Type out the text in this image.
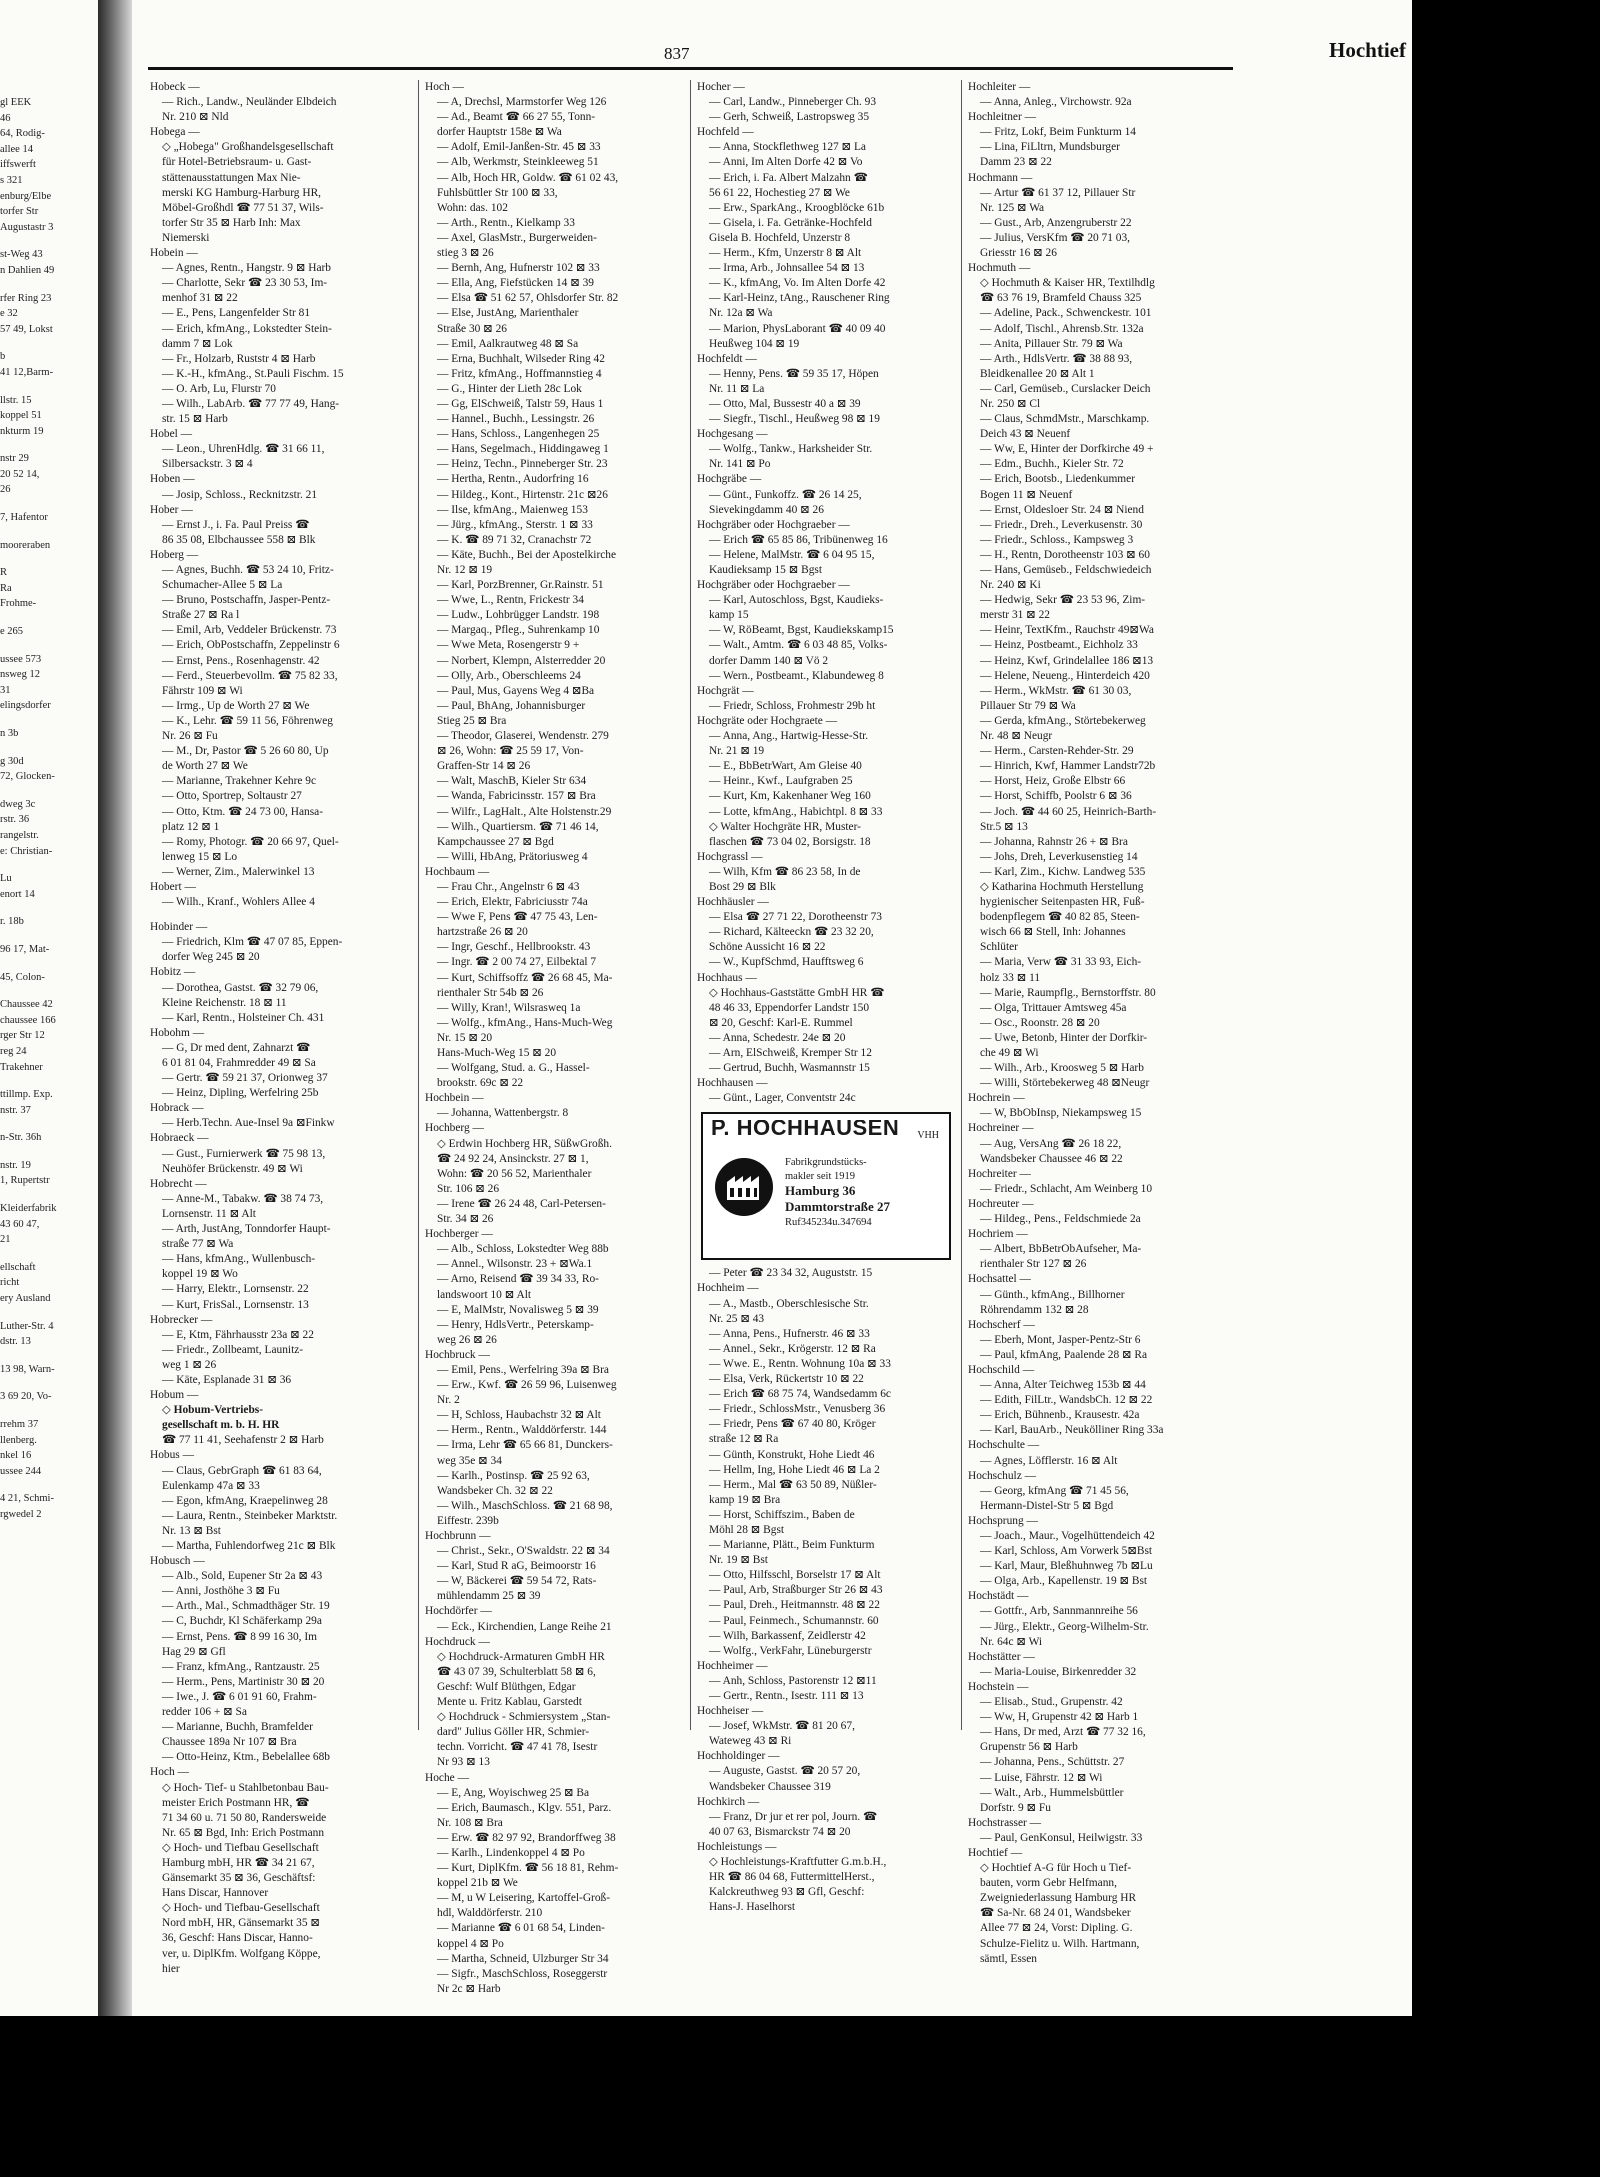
gl EEK
46
64, Rodig-
allee 14
iffswerft
s 321
enburg/Elbe
torfer Str
Augustastr 3
st-Weg 43
n Dahlien 49
rfer Ring 23
e 32
57 49, Lokst
b
41 12,Barm-
llstr. 15
koppel 51
nkturm 19
nstr 29
20 52 14,
26
7, Hafentor
mooreraben
R
Ra
Frohme-
e 265
ussee 573
nsweg 12
31
elingsdorfer
n 3b
g 30d
72, Glocken-
dweg 3c
rstr. 36
rangelstr.
e: Christian-
Lu
enort 14
r. 18b
96 17, Mat-
45, Colon-
Chaussee 42
chaussee 166
rger Str 12
reg 24
Trakehner
ttillmp. Exp.
nstr. 37
n-Str. 36h
nstr. 19
1, Rupertstr
Kleiderfabrik
43 60 47,
21
ellschaft
richt
ery Ausland
Luther-Str. 4
dstr. 13
13 98, Warn-
3 69 20, Vo-
rrehm 37
llenberg.
nkel 16
ussee 244
4 21, Schmi-
rgwedel 2
837	Hochtief
Hobeck —
— Rich., Landw., Neuländer Elbdeich
Nr. 210 ⊠ Nld
Hobega —
◇ „Hobega" Großhandelsgesellschaft
für Hotel-Betriebsraum- u. Gast-
stättenausstattungen Max Nie-
merski KG Hamburg-Harburg HR,
Möbel-Großhdl ☎ 77 51 37, Wils-
torfer Str 35 ⊠ Harb Inh: Max
Niemerski
Hobein —
— Agnes, Rentn., Hangstr. 9 ⊠ Harb
— Charlotte, Sekr ☎ 23 30 53, Im-
menhof 31 ⊠ 22
— E., Pens, Langenfelder Str 81
— Erich, kfmAng., Lokstedter Stein-
damm 7 ⊠ Lok
— Fr., Holzarb, Ruststr 4 ⊠ Harb
— K.-H., kfmAng., St.Pauli Fischm. 15
— O. Arb, Lu, Flurstr 70
— Wilh., LabArb. ☎ 77 77 49, Hang-
str. 15 ⊠ Harb
Hobel —
— Leon., UhrenHdlg. ☎ 31 66 11,
Silbersackstr. 3 ⊠ 4
Hoben —
— Josip, Schloss., Recknitzstr. 21
Hober —
— Ernst J., i. Fa. Paul Preiss ☎
86 35 08, Elbchaussee 558 ⊠ Blk
Hoberg —
— Agnes, Buchh. ☎ 53 24 10, Fritz-
Schumacher-Allee 5 ⊠ La
— Bruno, Postschaffn, Jasper-Pentz-
Straße 27 ⊠ Ra l
— Emil, Arb, Veddeler Brückenstr. 73
— Erich, ObPostschaffn, Zeppelinstr 6
— Ernst, Pens., Rosenhagenstr. 42
— Ferd., Steuerbevollm. ☎ 75 82 33,
Fährstr 109 ⊠ Wi
— Irmg., Up de Worth 27 ⊠ We
— K., Lehr. ☎ 59 11 56, Föhrenweg
Nr. 26 ⊠ Fu
— M., Dr, Pastor ☎ 5 26 60 80, Up
de Worth 27 ⊠ We
— Marianne, Trakehner Kehre 9c
— Otto, Sportrep, Soltaustr 27
— Otto, Ktm. ☎ 24 73 00, Hansa-
platz 12 ⊠ 1
— Romy, Photogr. ☎ 20 66 97, Quel-
lenweg 15 ⊠ Lo
— Werner, Zim., Malerwinkel 13
Hobert —
— Wilh., Kranf., Wohlers Allee 4
Hobinder —
— Friedrich, Klm ☎ 47 07 85, Eppen-
dorfer Weg 245 ⊠ 20
Hobitz —
— Dorothea, Gastst. ☎ 32 79 06,
Kleine Reichenstr. 18 ⊠ 11
— Karl, Rentn., Holsteiner Ch. 431
Hobohm —
— G, Dr med dent, Zahnarzt ☎
6 01 81 04, Frahmredder 49 ⊠ Sa
— Gertr. ☎ 59 21 37, Orionweg 37
— Heinz, Dipling, Werfelring 25b
Hobrack —
— Herb.Techn. Aue-Insel 9a ⊠Finkw
Hobraeck —
— Gust., Furnierwerk ☎ 75 98 13,
Neuhöfer Brückenstr. 49 ⊠ Wi
Hobrecht —
— Anne-M., Tabakw. ☎ 38 74 73,
Lornsenstr. 11 ⊠ Alt
— Arth, JustAng, Tonndorfer Haupt-
straße 77 ⊠ Wa
— Hans, kfmAng., Wullenbusch-
koppel 19 ⊠ Wo
— Harry, Elektr., Lornsenstr. 22
— Kurt, FrisSal., Lornsenstr. 13
Hobrecker —
— E, Ktm, Fährhausstr 23a ⊠ 22
— Friedr., Zollbeamt, Launitz-
weg 1 ⊠ 26
— Käte, Esplanade 31 ⊠ 36
Hobum —
◇ Hobum-Vertriebs-
gesellschaft m. b. H. HR
☎ 77 11 41, Seehafenstr 2 ⊠ Harb
Hobus —
— Claus, GebrGraph ☎ 61 83 64,
Eulenkamp 47a ⊠ 33
— Egon, kfmAng, Kraepelinweg 28
— Laura, Rentn., Steinbeker Marktstr.
Nr. 13 ⊠ Bst
— Martha, Fuhlendorfweg 21c ⊠ Blk
Hobusch —
— Alb., Sold, Eupener Str 2a ⊠ 43
— Anni, Josthöhe 3 ⊠ Fu
— Arth., Mal., Schmadthäger Str. 19
— C, Buchdr, Kl Schäferkamp 29a
— Ernst, Pens. ☎ 8 99 16 30, Im
Hag 29 ⊠ Gfl
— Franz, kfmAng., Rantzaustr. 25
— Herm., Pens, Martinistr 30 ⊠ 20
— Iwe., J. ☎ 6 01 91 60, Frahm-
redder 106 + ⊠ Sa
— Marianne, Buchh, Bramfelder
Chaussee 189a Nr 107 ⊠ Bra
— Otto-Heinz, Ktm., Bebelallee 68b
Hoch —
◇ Hoch- Tief- u Stahlbetonbau Bau-
meister Erich Postmann HR, ☎
71 34 60 u. 71 50 80, Randersweide
Nr. 65 ⊠ Bgd, Inh: Erich Postmann
◇ Hoch- und Tiefbau Gesellschaft
Hamburg mbH, HR ☎ 34 21 67,
Gänsemarkt 35 ⊠ 36, Geschäftsf:
Hans Discar, Hannover
◇ Hoch- und Tiefbau-Gesellschaft
Nord mbH, HR, Gänsemarkt 35 ⊠
36, Geschf: Hans Discar, Hanno-
ver, u. DiplKfm. Wolfgang Köppe,
hier
Hoch —
— A, Drechsl, Marmstorfer Weg 126
— Ad., Beamt ☎ 66 27 55, Tonn-
dorfer Hauptstr 158e ⊠ Wa
— Adolf, Emil-Janßen-Str. 45 ⊠ 33
— Alb, Werkmstr, Steinkleeweg 51
— Alb, Hoch HR, Goldw. ☎ 61 02 43,
Fuhlsbüttler Str 100 ⊠ 33,
Wohn: das. 102
— Arth., Rentn., Kielkamp 33
— Axel, GlasMstr., Burgerweiden-
stieg 3 ⊠ 26
— Bernh, Ang, Hufnerstr 102 ⊠ 33
— Ella, Ang, Fiefstücken 14 ⊠ 39
— Elsa ☎ 51 62 57, Ohlsdorfer Str. 82
— Else, JustAng, Marienthaler
Straße 30 ⊠ 26
— Emil, Aalkrautweg 48 ⊠ Sa
— Erna, Buchhalt, Wilseder Ring 42
— Fritz, kfmAng., Hoffmannstieg 4
— G., Hinter der Lieth 28c Lok
— Gg, ElSchweiß, Talstr 59, Haus 1
— Hannel., Buchh., Lessingstr. 26
— Hans, Schloss., Langenhegen 25
— Hans, Segelmach., Hiddingaweg 1
— Heinz, Techn., Pinneberger Str. 23
— Hertha, Rentn., Audorfring 16
— Hildeg., Kont., Hirtenstr. 21c ⊠26
— Ilse, kfmAng., Maienweg 153
— Jürg., kfmAng., Sterstr. 1 ⊠ 33
— K. ☎ 89 71 32, Cranachstr 72
— Käte, Buchh., Bei der Apostelkirche
Nr. 12 ⊠ 19
— Karl, PorzBrenner, Gr.Rainstr. 51
— Wwe, L., Rentn, Frickestr 34
— Ludw., Lohbrügger Landstr. 198
— Margaq., Pfleg., Suhrenkamp 10
— Wwe Meta, Rosengerstr 9 +
— Norbert, Klempn, Alsterredder 20
— Olly, Arb., Oberschleems 24
— Paul, Mus, Gayens Weg 4 ⊠Ba
— Paul, BhAng, Johannisburger
Stieg 25 ⊠ Bra
— Theodor, Glaserei, Wendenstr. 279
⊠ 26, Wohn: ☎ 25 59 17, Von-
Graffen-Str 14 ⊠ 26
— Walt, MaschB, Kieler Str 634
— Wanda, Fabricinsstr. 157 ⊠ Bra
— Wilfr., LagHalt., Alte Holstenstr.29
— Wilh., Quartiersm. ☎ 71 46 14,
Kampchaussee 27 ⊠ Bgd
— Willi, HbAng, Prätoriusweg 4
Hochbaum —
— Frau Chr., Angelnstr 6 ⊠ 43
— Erich, Elektr, Fabriciusstr 74a
— Wwe F, Pens ☎ 47 75 43, Len-
hartzstraße 26 ⊠ 20
— Ingr, Geschf., Hellbrookstr. 43
— Ingr. ☎ 2 00 74 27, Eilbektal 7
— Kurt, Schiffsoffz ☎ 26 68 45, Ma-
rienthaler Str 54b ⊠ 26
— Willy, Kran!, Wilsrasweq 1a
— Wolfg., kfmAng., Hans-Much-Weg
Nr. 15 ⊠ 20
Hans-Much-Weg 15 ⊠ 20
— Wolfgang, Stud. a. G., Hassel-
brookstr. 69c ⊠ 22
Hochbein —
— Johanna, Wattenbergstr. 8
Hochberg —
◇ Erdwin Hochberg HR, SüßwGroßh.
☎ 24 92 24, Ansinckstr. 27 ⊠ 1,
Wohn: ☎ 20 56 52, Marienthaler
Str. 106 ⊠ 26
— Irene ☎ 26 24 48, Carl-Petersen-
Str. 34 ⊠ 26
Hochberger —
— Alb., Schloss, Lokstedter Weg 88b
— Annel., Wilsonstr. 23 + ⊠Wa.1
— Arno, Reisend ☎ 39 34 33, Ro-
landswoort 10 ⊠ Alt
— E, MalMstr, Novalisweg 5 ⊠ 39
— Henry, HdlsVertr., Peterskamp-
weg 26 ⊠ 26
Hochbruck —
— Emil, Pens., Werfelring 39a ⊠ Bra
— Erw., Kwf. ☎ 26 59 96, Luisenweg
Nr. 2
— H, Schloss, Haubachstr 32 ⊠ Alt
— Herm., Rentn., Walddörferstr. 144
— Irma, Lehr ☎ 65 66 81, Dunckers-
weg 35e ⊠ 34
— Karlh., Postinsp. ☎ 25 92 63,
Wandsbeker Ch. 32 ⊠ 22
— Wilh., MaschSchloss. ☎ 21 68 98,
Eiffestr. 239b
Hochbrunn —
— Christ., Sekr., O'Swaldstr. 22 ⊠ 34
— Karl, Stud R aG, Beimoorstr 16
— W, Bäckerei ☎ 59 54 72, Rats-
mühlendamm 25 ⊠ 39
Hochdörfer —
— Eck., Kirchendien, Lange Reihe 21
Hochdruck —
◇ Hochdruck-Armaturen GmbH HR
☎ 43 07 39, Schulterblatt 58 ⊠ 6,
Geschf: Wulf Blüthgen, Edgar
Mente u. Fritz Kablau, Garstedt
◇ Hochdruck - Schmiersystem „Stan-
dard" Julius Göller HR, Schmier-
techn. Vorricht. ☎ 47 41 78, Isestr
Nr 93 ⊠ 13
Hoche —
— E, Ang, Woyischweg 25 ⊠ Ba
— Erich, Baumasch., Klgv. 551, Parz.
Nr. 108 ⊠ Bra
— Erw. ☎ 82 97 92, Brandorffweg 38
— Karlh., Lindenkoppel 4 ⊠ Po
— Kurt, DiplKfm. ☎ 56 18 81, Rehm-
koppel 21b ⊠ We
— M, u W Leisering, Kartoffel-Groß-
hdl, Walddörferstr. 210
— Marianne ☎ 6 01 68 54, Linden-
koppel 4 ⊠ Po
— Martha, Schneid, Ulzburger Str 34
— Sigfr., MaschSchloss, Roseggerstr
Nr 2c ⊠ Harb
Hocher —
— Carl, Landw., Pinneberger Ch. 93
— Gerh, Schweiß, Lastropsweg 35
Hochfeld —
— Anna, Stockflethweg 127 ⊠ La
— Anni, Im Alten Dorfe 42 ⊠ Vo
— Erich, i. Fa. Albert Malzahn ☎
56 61 22, Hochestieg 27 ⊠ We
— Erw., SparkAng., Kroogblöcke 61b
— Gisela, i. Fa. Getränke-Hochfeld
Gisela B. Hochfeld, Unzerstr 8
— Herm., Kfm, Unzerstr 8 ⊠ Alt
— Irma, Arb., Johnsallee 54 ⊠ 13
— K., kfmAng, Vo. Im Alten Dorfe 42
— Karl-Heinz, tAng., Rauschener Ring
Nr. 12a ⊠ Wa
— Marion, PhysLaborant ☎ 40 09 40
Heußweg 104 ⊠ 19
Hochfeldt —
— Henny, Pens. ☎ 59 35 17, Höpen
Nr. 11 ⊠ La
— Otto, Mal, Bussestr 40 a ⊠ 39
— Siegfr., Tischl., Heußweg 98 ⊠ 19
Hochgesang —
— Wolfg., Tankw., Harksheider Str.
Nr. 141 ⊠ Po
Hochgräbe —
— Günt., Funkoffz. ☎ 26 14 25,
Sievekingdamm 40 ⊠ 26
Hochgräber oder Hochgraeber —
— Erich ☎ 65 85 86, Tribünenweg 16
— Helene, MalMstr. ☎ 6 04 95 15,
Kaudieksamp 15 ⊠ Bgst
Hochgräber oder Hochgraeber —
— Karl, Autoschloss, Bgst, Kaudieks-
kamp 15
— W, RöBeamt, Bgst, Kaudiekskamp15
— Walt., Amtm. ☎ 6 03 48 85, Volks-
dorfer Damm 140 ⊠ Vö 2
— Wern., Postbeamt., Klabundeweg 8
Hochgrät —
— Friedr, Schloss, Frohmestr 29b ht
Hochgräte oder Hochgraete —
— Anna, Ang., Hartwig-Hesse-Str.
Nr. 21 ⊠ 19
— E., BbBetrWart, Am Gleise 40
— Heinr., Kwf., Laufgraben 25
— Kurt, Km, Kakenhaner Weg 160
— Lotte, kfmAng., Habichtpl. 8 ⊠ 33
◇ Walter Hochgräte HR, Muster-
flaschen ☎ 73 04 02, Borsigstr. 18
Hochgrassl —
— Wilh, Kfm ☎ 86 23 58, In de
Bost 29 ⊠ Blk
Hochhäusler —
— Elsa ☎ 27 71 22, Dorotheenstr 73
— Richard, Kälteeckn ☎ 23 32 20,
Schöne Aussicht 16 ⊠ 22
— W., KupfSchmd, Haufftsweg 6
Hochhaus —
◇ Hochhaus-Gaststätte GmbH HR ☎
48 46 33, Eppendorfer Landstr 150
⊠ 20, Geschf: Karl-E. Rummel
— Anna, Schedestr. 24e ⊠ 20
— Arn, ElSchweiß, Kremper Str 12
— Gertrud, Buchh, Wasmannstr 15
Hochhausen —
— Günt., Lager, Conventstr 24c
P. HOCHHAUSEN	VHH
Fabrikgrundstücks-
makler seit 1919
Hamburg 36
Dammtorstraße 27
Ruf345234u.347694
— Peter ☎ 23 34 32, Auguststr. 15
Hochheim —
— A., Mastb., Oberschlesische Str.
Nr. 25 ⊠ 43
— Anna, Pens., Hufnerstr. 46 ⊠ 33
— Annel., Sekr., Krögerstr. 12 ⊠ Ra
— Wwe. E., Rentn. Wohnung 10a ⊠ 33
— Elsa, Verk, Rückertstr 10 ⊠ 22
— Erich ☎ 68 75 74, Wandsedamm 6c
— Friedr., SchlossMstr., Venusberg 36
— Friedr, Pens ☎ 67 40 80, Kröger
straße 12 ⊠ Ra
— Günth, Konstrukt, Hohe Liedt 46
— Hellm, Ing, Hohe Liedt 46 ⊠ La 2
— Herm., Mal ☎ 63 50 89, Nüßler-
kamp 19 ⊠ Bra
— Horst, Schiffszim., Baben de
Möhl 28 ⊠ Bgst
— Marianne, Plätt., Beim Funkturm
Nr. 19 ⊠ Bst
— Otto, Hilfsschl, Borselstr 17 ⊠ Alt
— Paul, Arb, Straßburger Str 26 ⊠ 43
— Paul, Dreh., Heitmannstr. 48 ⊠ 22
— Paul, Feinmech., Schumannstr. 60
— Wilh, Barkassenf, Zeidlerstr 42
— Wolfg., VerkFahr, Lüneburgerstr
Hochheimer —
— Anh, Schloss, Pastorenstr 12 ⊠11
— Gertr., Rentn., Isestr. 111 ⊠ 13
Hochheiser —
— Josef, WkMstr. ☎ 81 20 67,
Wateweg 43 ⊠ Ri
Hochholdinger —
— Auguste, Gastst. ☎ 20 57 20,
Wandsbeker Chaussee 319
Hochkirch —
— Franz, Dr jur et rer pol, Journ. ☎
40 07 63, Bismarckstr 74 ⊠ 20
Hochleistungs —
◇ Hochleistungs-Kraftfutter G.m.b.H.,
HR ☎ 86 04 68, FuttermittelHerst.,
Kalckreuthweg 93 ⊠ Gfl, Geschf:
Hans-J. Haselhorst
Hochleiter —
— Anna, Anleg., Virchowstr. 92a
Hochleitner —
— Fritz, Lokf, Beim Funkturm 14
— Lina, FiLltrn, Mundsburger
Damm 23 ⊠ 22
Hochmann —
— Artur ☎ 61 37 12, Pillauer Str
Nr. 125 ⊠ Wa
— Gust., Arb, Anzengruberstr 22
— Julius, VersKfm ☎ 20 71 03,
Griesstr 16 ⊠ 26
Hochmuth —
◇ Hochmuth & Kaiser HR, Textilhdlg
☎ 63 76 19, Bramfeld Chauss 325
— Adeline, Pack., Schwenckestr. 101
— Adolf, Tischl., Ahrensb.Str. 132a
— Anita, Pillauer Str. 79 ⊠ Wa
— Arth., HdlsVertr. ☎ 38 88 93,
Bleidkenallee 20 ⊠ Alt 1
— Carl, Gemüseb., Curslacker Deich
Nr. 250 ⊠ Cl
— Claus, SchmdMstr., Marschkamp.
Deich 43 ⊠ Neuenf
— Ww, E, Hinter der Dorfkirche 49 +
— Edm., Buchh., Kieler Str. 72
— Erich, Bootsb., Liedenkummer
Bogen 11 ⊠ Neuenf
— Ernst, Oldesloer Str. 24 ⊠ Niend
— Friedr., Dreh., Leverkusenstr. 30
— Friedr., Schloss., Kampsweg 3
— H., Rentn, Dorotheenstr 103 ⊠ 60
— Hans, Gemüseb., Feldschwiedeich
Nr. 240 ⊠ Ki
— Hedwig, Sekr ☎ 23 53 96, Zim-
merstr 31 ⊠ 22
— Heinr, TextKfm., Rauchstr 49⊠Wa
— Heinz, Postbeamt., Eichholz 33
— Heinz, Kwf, Grindelallee 186 ⊠13
— Helene, Neueng., Hinterdeich 420
— Herm., WkMstr. ☎ 61 30 03,
Pillauer Str 79 ⊠ Wa
— Gerda, kfmAng., Störtebekerweg
Nr. 48 ⊠ Neugr
— Herm., Carsten-Rehder-Str. 29
— Hinrich, Kwf, Hammer Landstr72b
— Horst, Heiz, Große Elbstr 66
— Horst, Schiffb, Poolstr 6 ⊠ 36
— Joch. ☎ 44 60 25, Heinrich-Barth-
Str.5 ⊠ 13
— Johanna, Rahnstr 26 + ⊠ Bra
— Johs, Dreh, Leverkusenstieg 14
— Karl, Zim., Kichw. Landweg 535
◇ Katharina Hochmuth Herstellung
hygienischer Seitenpasten HR, Fuß-
bodenpflegem ☎ 40 82 85, Steen-
wisch 66 ⊠ Stell, Inh: Johannes
Schlüter
— Maria, Verw ☎ 31 33 93, Eich-
holz 33 ⊠ 11
— Marie, Raumpflg., Bernstorffstr. 80
— Olga, Trittauer Amtsweg 45a
— Osc., Roonstr. 28 ⊠ 20
— Uwe, Betonb, Hinter der Dorfkir-
che 49 ⊠ Wi
— Wilh., Arb., Kroosweg 5 ⊠ Harb
— Willi, Störtebekerweg 48 ⊠Neugr
Hochrein —
— W, BbObInsp, Niekampsweg 15
Hochreiner —
— Aug, VersAng ☎ 26 18 22,
Wandsbeker Chaussee 46 ⊠ 22
Hochreiter —
— Friedr., Schlacht, Am Weinberg 10
Hochreuter —
— Hildeg., Pens., Feldschmiede 2a
Hochriem —
— Albert, BbBetrObAufseher, Ma-
rienthaler Str 127 ⊠ 26
Hochsattel —
— Günth., kfmAng., Billhorner
Röhrendamm 132 ⊠ 28
Hochscherf —
— Eberh, Mont, Jasper-Pentz-Str 6
— Paul, kfmAng, Paalende 28 ⊠ Ra
Hochschild —
— Anna, Alter Teichweg 153b ⊠ 44
— Edith, FilLtr., WandsbCh. 12 ⊠ 22
— Erich, Bühnenb., Krausestr. 42a
— Karl, BauArb., Neukölliner Ring 33a
Hochschulte —
— Agnes, Löfflerstr. 16 ⊠ Alt
Hochschulz —
— Georg, kfmAng ☎ 71 45 56,
Hermann-Distel-Str 5 ⊠ Bgd
Hochsprung —
— Joach., Maur., Vogelhüttendeich 42
— Karl, Schloss, Am Vorwerk 5⊠Bst
— Karl, Maur, Bleßhuhnweg 7b ⊠Lu
— Olga, Arb., Kapellenstr. 19 ⊠ Bst
Hochstädt —
— Gottfr., Arb, Sannmannreihe 56
— Jürg., Elektr., Georg-Wilhelm-Str.
Nr. 64c ⊠ Wi
Hochstätter —
— Maria-Louise, Birkenredder 32
Hochstein —
— Elisab., Stud., Grupenstr. 42
— Ww, H, Grupenstr 42 ⊠ Harb 1
— Hans, Dr med, Arzt ☎ 77 32 16,
Grupenstr 56 ⊠ Harb
— Johanna, Pens., Schüttstr. 27
— Luise, Fährstr. 12 ⊠ Wi
— Walt., Arb., Hummelsbüttler
Dorfstr. 9 ⊠ Fu
Hochstrasser —
— Paul, GenKonsul, Heilwigstr. 33
Hochtief —
◇ Hochtief A-G für Hoch u Tief-
bauten, vorm Gebr Helfmann,
Zweigniederlassung Hamburg HR
☎ Sa-Nr. 68 24 01, Wandsbeker
Allee 77 ⊠ 24, Vorst: Dipling. G.
Schulze-Fielitz u. Wilh. Hartmann,
sämtl, Essen
